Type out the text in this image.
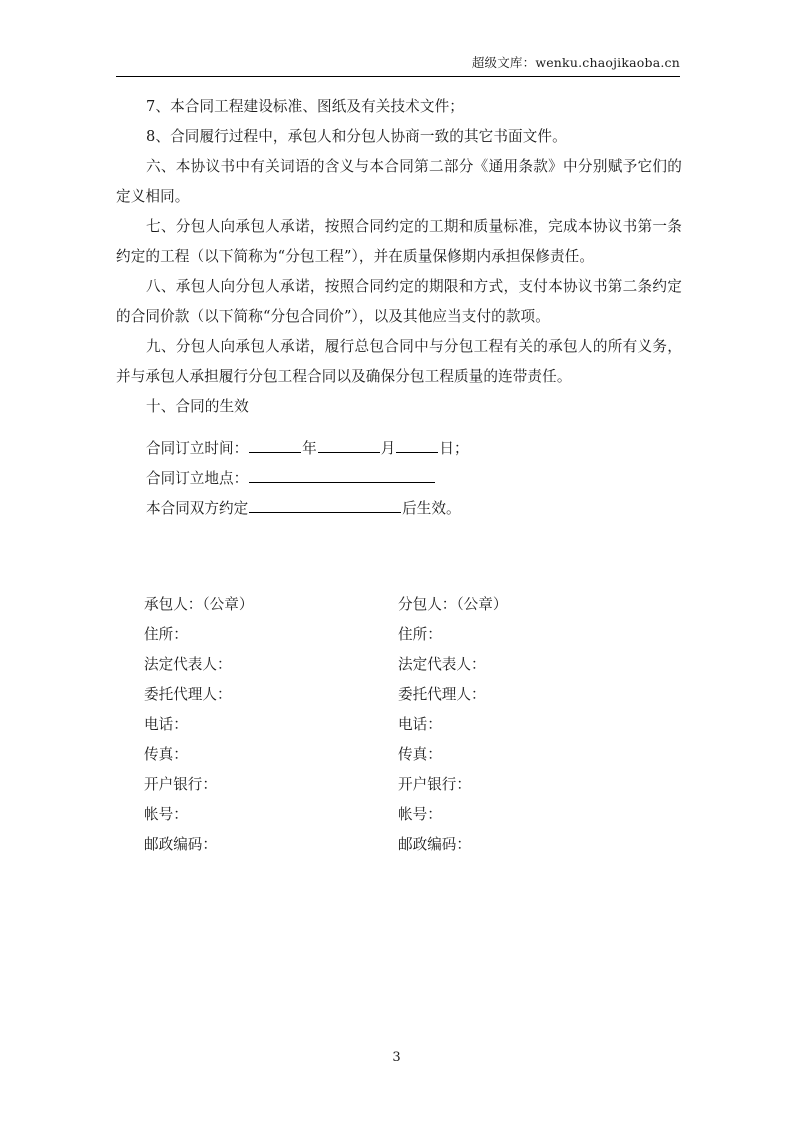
超级文库：wenku.chaojikaoba.cn

7、本合同工程建设标准、图纸及有关技术文件；

8、合同履行过程中，承包人和分包人协商一致的其它书面文件。

六、本协议书中有关词语的含义与本合同第二部分《通用条款》中分别赋予它们的定义相同。

七、分包人向承包人承诺，按照合同约定的工期和质量标准，完成本协议书第一条约定的工程（以下简称为“分包工程”），并在质量保修期内承担保修责任。

八、承包人向分包人承诺，按照合同约定的期限和方式，支付本协议书第二条约定的合同价款（以下简称“分包合同价”），以及其他应当支付的款项。

九、分包人向承包人承诺，履行总包合同中与分包工程有关的承包人的所有义务，并与承包人承担履行分包工程合同以及确保分包工程质量的连带责任。

十、合同的生效

合同订立时间：	年	月	日；
合同订立地点：
本合同双方约定	后生效。
承包人：（公章）	分包人：（公章）
住所：	住所：
法定代表人：	法定代表人：
委托代理人：	委托代理人：
电话：	电话：
传真：	传真：
开户银行：	开户银行：
帐号：	帐号：
邮政编码：	邮政编码：
3
